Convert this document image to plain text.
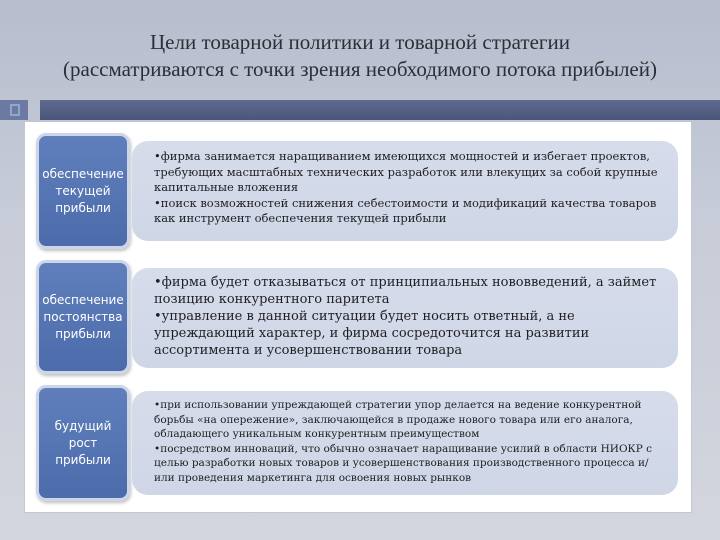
Цели товарной политики и товарной стратегии
(рассматриваются с точки зрения необходимого потока прибылей)
обеспечение текущей прибыли
•фирма занимается наращиванием имеющихся мощностей и избегает проектов, требующих масштабных технических разработок или влекущих за собой крупные капитальные вложения
•поиск возможностей снижения себестоимости и модификаций качества товаров как инструмент обеспечения текущей прибыли
обеспечение постоянства прибыли
•фирма будет отказываться от принципиальных нововведений, а займет позицию конкурентного паритета
•управление в данной ситуации будет носить ответный, а не упреждающий характер, и фирма сосредоточится на развитии ассортимента и усовершенствовании товара
будущий рост прибыли
•при использовании упреждающей стратегии упор делается на ведение конкурентной борьбы «на опережение», заключающейся в продаже нового товара или его аналога, обладающего уникальным конкурентным преимуществом
•посредством инноваций, что обычно означает наращивание усилий в области НИОКР с целью разработки новых товаров и усовершенствования производственного процесса и/или проведения маркетинга для освоения новых рынков
